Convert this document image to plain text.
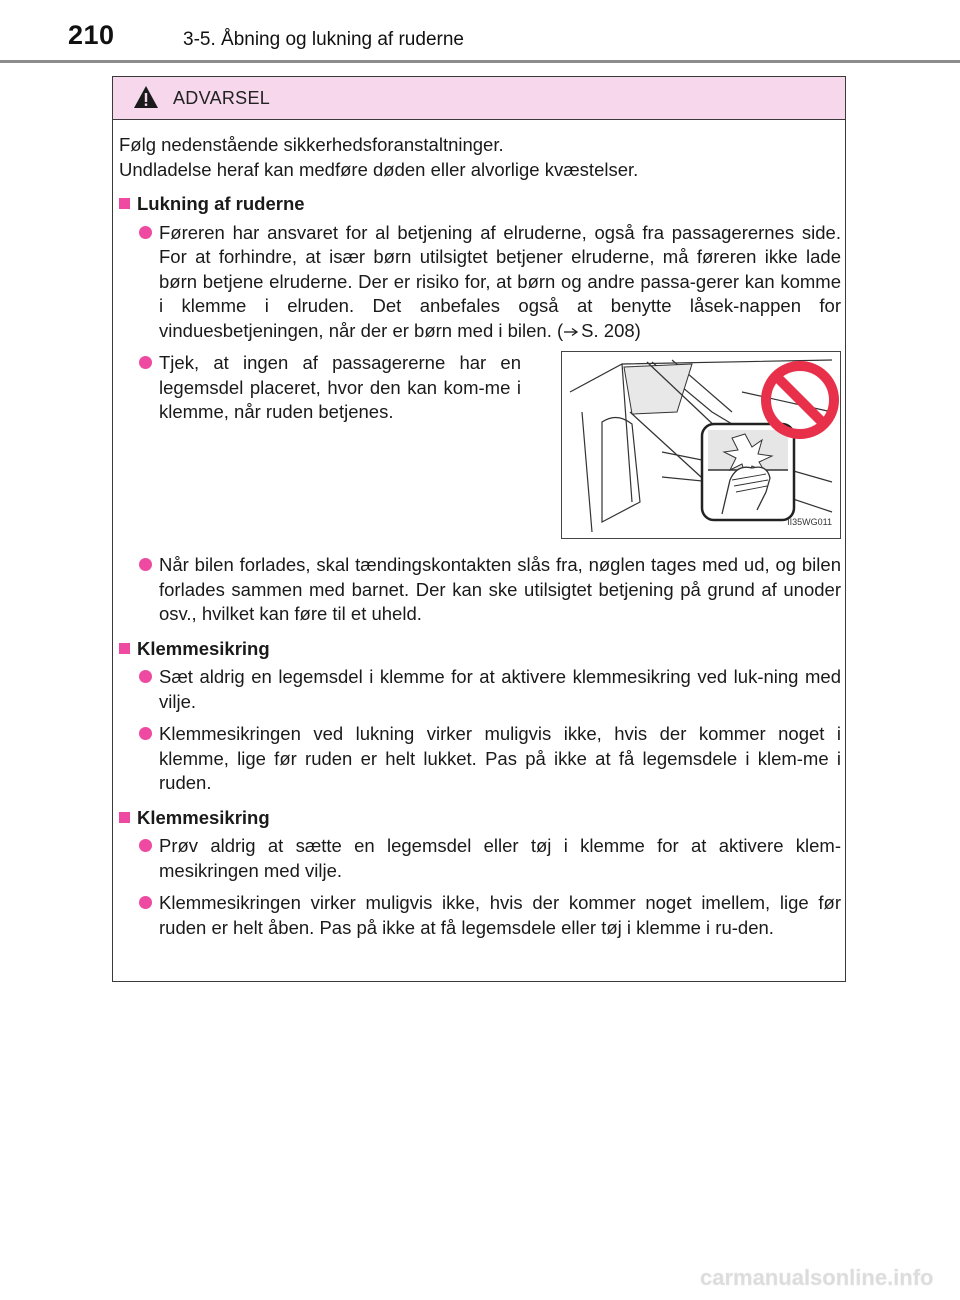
210	3-5. Åbning og lukning af ruderne
ADVARSEL

Følg nedenstående sikkerhedsforanstaltninger.

Undladelse heraf kan medføre døden eller alvorlige kvæstelser.

Lukning af ruderne
Føreren har ansvaret for al betjening af elruderne, også fra passagerernes side. For at forhindre, at især børn utilsigtet betjener elruderne, må føreren ikke lade børn betjene elruderne. Der er risiko for, at børn og andre passa-gerer kan komme i klemme i elruden. Det anbefales også at benytte låsek-nappen for vinduesbetjeningen, når der er børn med i bilen. ( S. 208)
Tjek, at ingen af passagererne har en legemsdel placeret, hvor den kan kom-me i klemme, når ruden betjenes.
II35WG011
Når bilen forlades, skal tændingskontakten slås fra, nøglen tages med ud, og bilen forlades sammen med barnet. Der kan ske utilsigtet betjening på grund af unoder osv., hvilket kan føre til et uheld.
Klemmesikring
Sæt aldrig en legemsdel i klemme for at aktivere klemmesikring ved luk-ning med vilje.
Klemmesikringen ved lukning virker muligvis ikke, hvis der kommer noget i klemme, lige før ruden er helt lukket. Pas på ikke at få legemsdele i klem-me i ruden.
Klemmesikring
Prøv aldrig at sætte en legemsdel eller tøj i klemme for at aktivere klem-mesikringen med vilje.
Klemmesikringen virker muligvis ikke, hvis der kommer noget imellem, lige før ruden er helt åben. Pas på ikke at få legemsdele eller tøj i klemme i ru-den.
carmanualsonline.info
